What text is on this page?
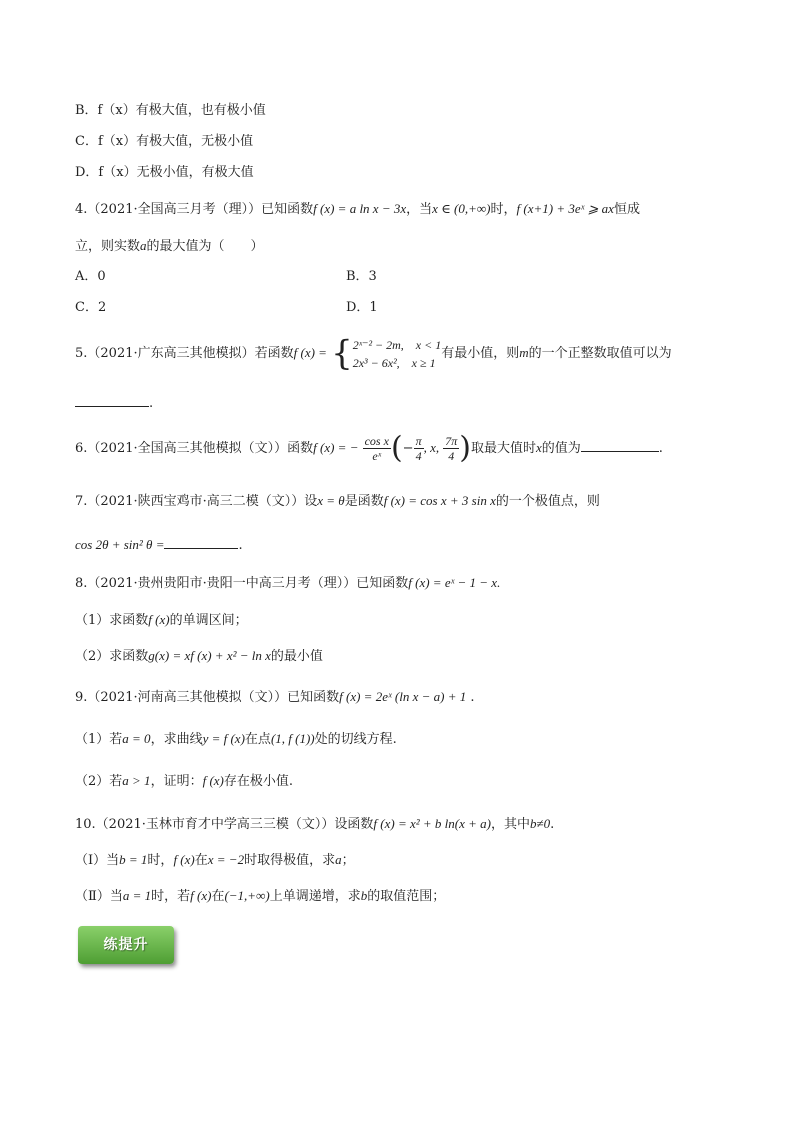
B．f（x）有极大值，也有极小值
C．f（x）有极大值，无极小值
D．f（x）无极小值，有极大值
4.（2021·全国高三月考（理））已知函数f (x) = a ln x − 3x，当x ∈ (0,+∞)时，f (x+1) + 3eˣ ⩾ ax恒成
立，则实数a的最大值为（　　）
A．0	B．3
C．2	D．1
5.（2021·广东高三其他模拟）若函数f (x) = { 2ˣ⁻² − 2m,　x < 1
2x³ − 6x²,　x ≥ 1
有最小值，则m的一个正整数取值可以为
.
6.（2021·全国高三其他模拟（文））函数f (x) = − $\frac{\text{cos x}}{\text{eˣ}}$ (− $\frac{\pi}{4}$ , x, $\frac{7\pi}{4}$ )取最大值时x的值为	.
7.（2021·陕西宝鸡市·高三二模（文））设x = θ是函数f (x) = cos x + 3 sin x的一个极值点，则
cos 2θ + sin² θ =	.
8.（2021·贵州贵阳市·贵阳一中高三月考（理））已知函数f (x) = eˣ − 1 − x.
（1）求函数f (x)的单调区间；
（2）求函数g(x) = xf (x) + x² − ln x的最小值
9.（2021·河南高三其他模拟（文））已知函数f (x) = 2eˣ (ln x − a) + 1 .
（1）若a = 0，求曲线y = f (x)在点(1, f (1))处的切线方程.
（2）若a > 1，证明：f (x)存在极小值.
10.（2021·玉林市育才中学高三三模（文））设函数f (x) = x² + b ln(x + a)，其中b≠0.
（Ⅰ）当b = 1时，f (x)在x = −2时取得极值，求a；
（Ⅱ）当a = 1时，若f (x)在(−1,+∞)上单调递增，求b的取值范围；
练提升
